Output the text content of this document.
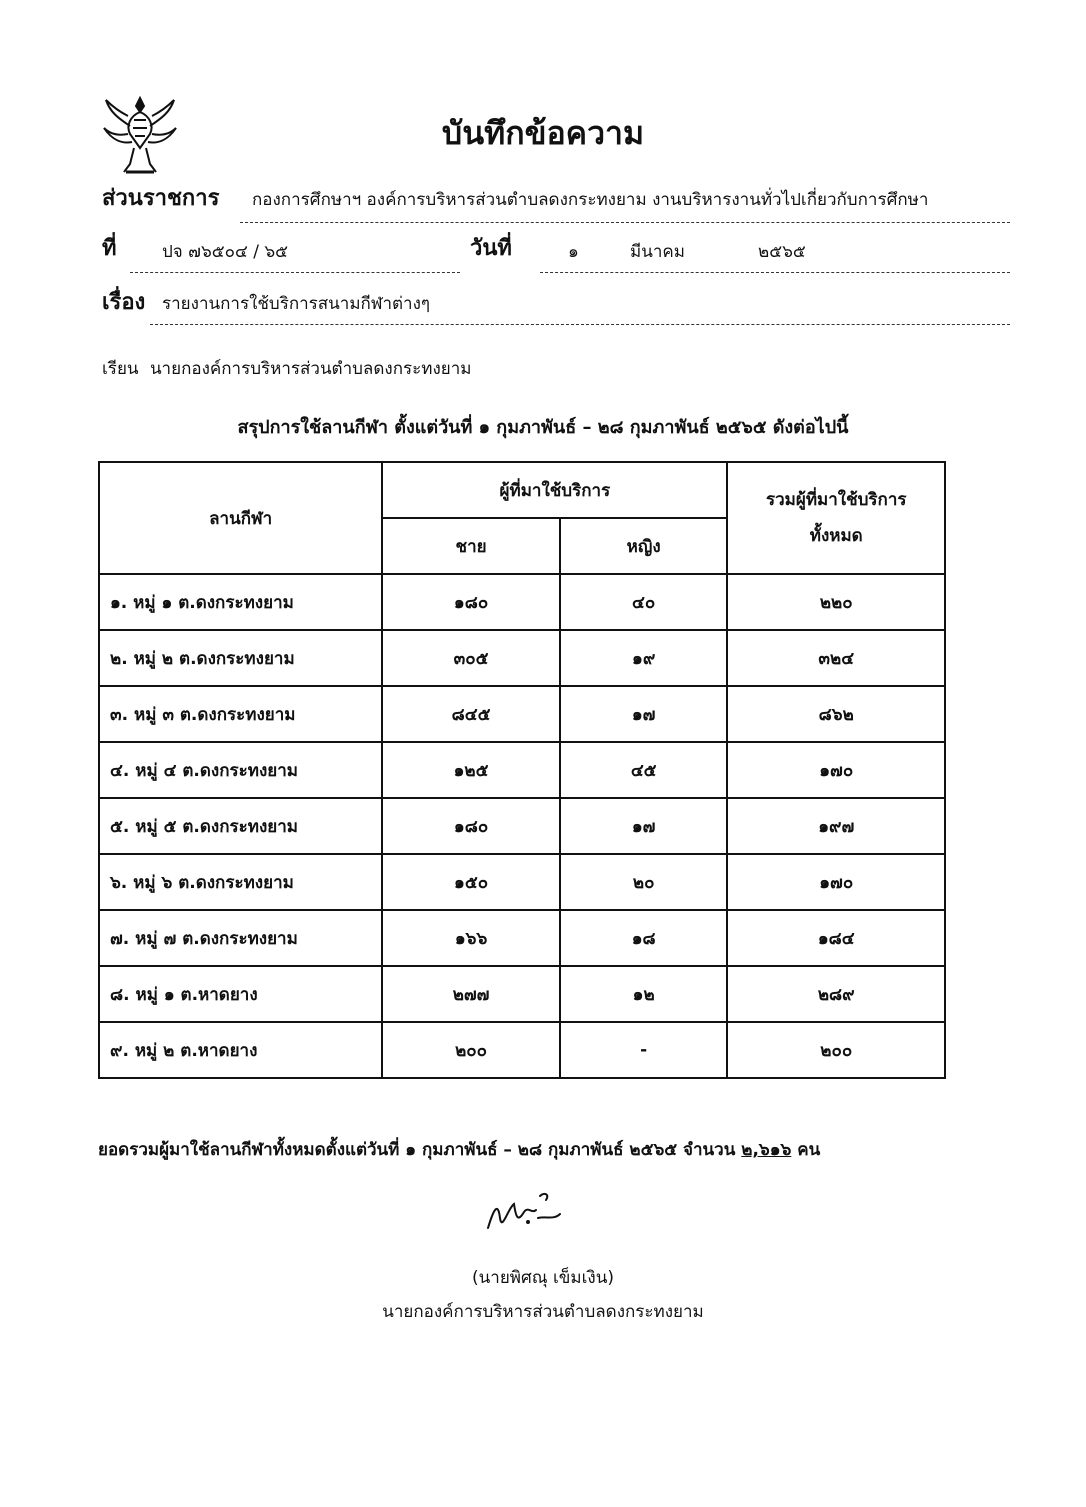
บันทึกข้อความ
ส่วนราชการ กองการศึกษาฯ องค์การบริหารส่วนตำบลดงกระทงยาม งานบริหารงานทั่วไปเกี่ยวกับการศึกษา
ที่	ปจ ๗๖๕๐๔ / ๖๕	วันที่	๑	มีนาคม	๒๕๖๕
เรื่อง รายงานการใช้บริการสนามกีฬาต่างๆ
เรียน นายกองค์การบริหารส่วนตำบลดงกระทงยาม
สรุปการใช้ลานกีฬา ตั้งแต่วันที่ ๑ กุมภาพันธ์ – ๒๘ กุมภาพันธ์ ๒๕๖๕ ดังต่อไปนี้
ลานกีฬา	ผู้ที่มาใช้บริการ		รวมผู้ที่มาใช้บริการ
ทั้งหมด

	ชาย	หญิง	
๑. หมู่ ๑ ต.ดงกระทงยาม	๑๘๐	๔๐	๒๒๐
๒. หมู่ ๒ ต.ดงกระทงยาม	๓๐๕	๑๙	๓๒๔
๓. หมู่ ๓ ต.ดงกระทงยาม	๘๔๕	๑๗	๘๖๒
๔. หมู่ ๔ ต.ดงกระทงยาม	๑๒๕	๔๕	๑๗๐
๕. หมู่ ๕ ต.ดงกระทงยาม	๑๘๐	๑๗	๑๙๗
๖. หมู่ ๖ ต.ดงกระทงยาม	๑๕๐	๒๐	๑๗๐
๗. หมู่ ๗ ต.ดงกระทงยาม	๑๖๖	๑๘	๑๘๔
๘. หมู่ ๑ ต.หาดยาง	๒๗๗	๑๒	๒๘๙
๙. หมู่ ๒ ต.หาดยาง	๒๐๐	-	๒๐๐
ยอดรวมผู้มาใช้ลานกีฬาทั้งหมดตั้งแต่วันที่ ๑ กุมภาพันธ์ – ๒๘ กุมภาพันธ์ ๒๕๖๕ จำนวน ๒,๖๑๖ คน
(นายพิศณุ เข็มเงิน)
นายกองค์การบริหารส่วนตำบลดงกระทงยาม
